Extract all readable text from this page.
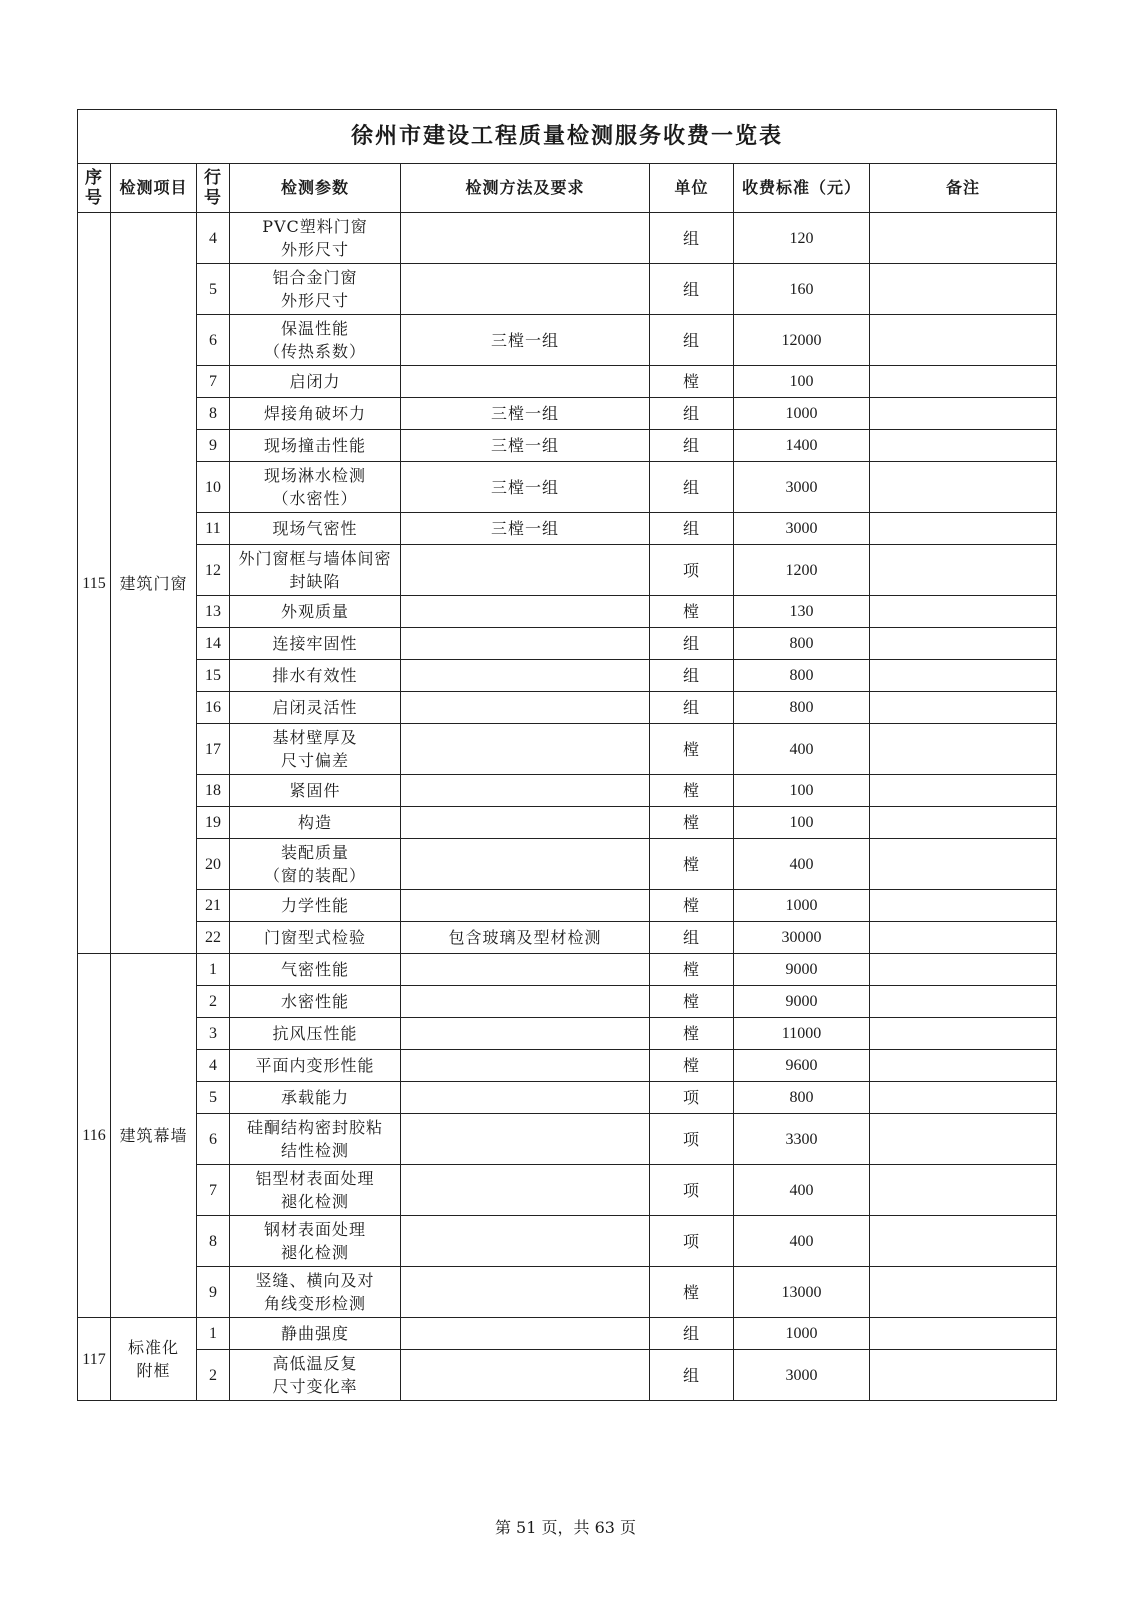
徐州市建设工程质量检测服务收费一览表							
序
号	检测项目	行
号	检测参数	检测方法及要求	单位	收费标准（元）	备注
115	建筑门窗	4	PVC塑料门窗
外形尺寸		组	120	
		5	铝合金门窗
外形尺寸		组	160	
		6	保温性能
（传热系数）	三樘一组	组	12000	
		7	启闭力		樘	100	
		8	焊接角破坏力	三樘一组	组	1000	
		9	现场撞击性能	三樘一组	组	1400	
		10	现场淋水检测
（水密性）	三樘一组	组	3000	
		11	现场气密性	三樘一组	组	3000	
		12	外门窗框与墙体间密
封缺陷		项	1200	
		13	外观质量		樘	130	
		14	连接牢固性		组	800	
		15	排水有效性		组	800	
		16	启闭灵活性		组	800	
		17	基材壁厚及
尺寸偏差		樘	400	
		18	紧固件		樘	100	
		19	构造		樘	100	
		20	装配质量
（窗的装配）		樘	400	
		21	力学性能		樘	1000	
		22	门窗型式检验	包含玻璃及型材检测	组	30000	
116	建筑幕墙	1	气密性能		樘	9000	
		2	水密性能		樘	9000	
		3	抗风压性能		樘	11000	
		4	平面内变形性能		樘	9600	
		5	承载能力		项	800	
		6	硅酮结构密封胶粘
结性检测		项	3300	
		7	铝型材表面处理
褪化检测		项	400	
		8	钢材表面处理
褪化检测		项	400	
		9	竖缝、横向及对
角线变形检测		樘	13000	
117	标准化
附框	1	静曲强度		组	1000	
		2	高低温反复
尺寸变化率		组	3000	
第 51 页，共 63 页
